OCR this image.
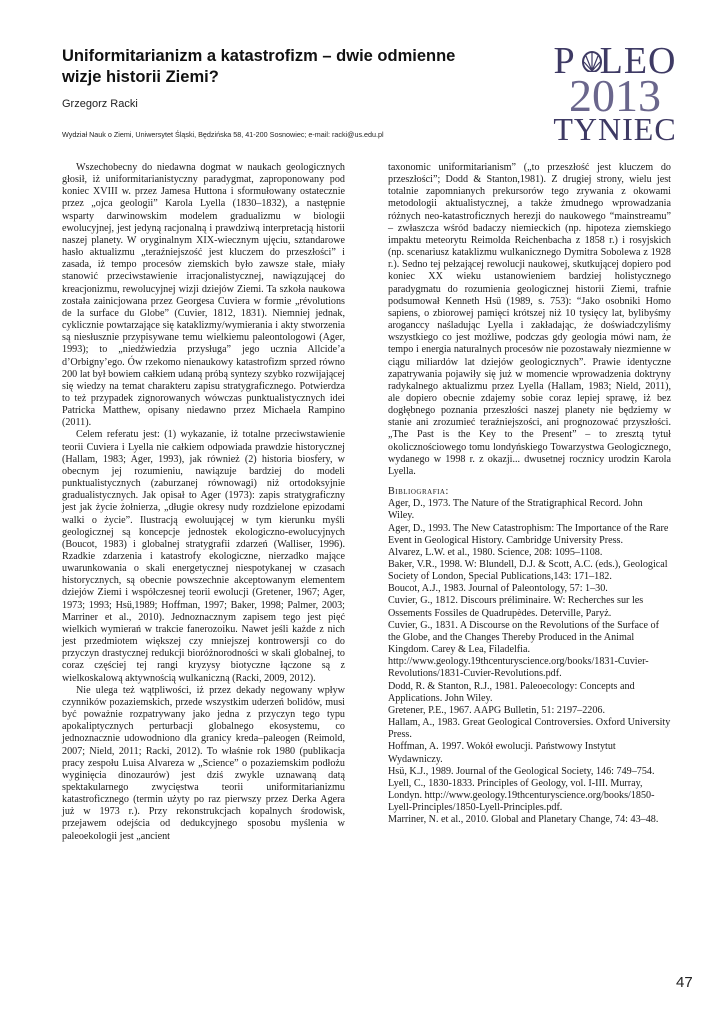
Uniformitarianizm a katastrofizm – dwie odmienne wizje historii Ziemi?
Grzegorz Racki
Wydział Nauk o Ziemi, Uniwersytet Śląski, Będzińska 58, 41-200 Sosnowiec; e-mail: racki@us.edu.pl
P LEO
2013
TYNIEC

Wszechobecny do niedawna dogmat w naukach geologicznych głosił, iż uniformitarianistyczny paradygmat, zaproponowany pod koniec XVIII w. przez Jamesa Huttona i sformułowany ostatecznie przez „ojca geologii” Karola Lyella (1830–1832), a następnie wsparty darwinowskim modelem gradualizmu w biologii ewolucyjnej, jest jedyną racjonalną i prawdziwą interpretacją historii naszej planety. W oryginalnym XIX-wiecznym ujęciu, sztandarowe hasło aktualizmu „teraźniejszość jest kluczem do przeszłości” i zasada, iż tempo procesów ziemskich było zawsze stałe, miały stanowić przeciwstawienie irracjonalistycznej, nawiązującej do kreacjonizmu, rewolucyjnej wizji dziejów Ziemi. Ta szkoła naukowa została zainicjowana przez Georgesa Cuviera w formie „révolutions de la surface du Globe” (Cuvier, 1812, 1831). Niemniej jednak, cyklicznie powtarzające się kataklizmy/wymierania i akty stworzenia są niesłusznie przypisywane temu wielkiemu paleontologowi (Ager, 1993); to „niedźwiedzia przysługa” jego ucznia Allcide’a d’Orbigny’ego. Ów rzekomo nienaukowy katastrofizm sprzed równo 200 lat był bowiem całkiem udaną próbą syntezy szybko rozwijającej się wiedzy na temat charakteru zapisu stratygraficznego. Potwierdza to też przypadek zignorowanych wówczas punktualistycznych idei Patricka Matthew, opisany niedawno przez Michaela Rampino (2011).

Celem referatu jest: (1) wykazanie, iż totalne przeciwstawienie teorii Cuviera i Lyella nie całkiem odpowiada prawdzie historycznej (Hallam, 1983; Ager, 1993), jak również (2) historia biosfery, w obecnym jej rozumieniu, nawiązuje bardziej do modeli punktualistycznych (zaburzanej równowagi) niż ortodoksyjnie gradualistycznych. Jak opisał to Ager (1973): zapis stratygraficzny jest jak życie żołnierza, „długie okresy nudy rozdzielone epizodami walki o życie”. Ilustracją ewoluującej w tym kierunku myśli geologicznej są koncepcje jednostek ekologiczno-ewolucyjnych (Boucot, 1983) i globalnej stratygrafii zdarzeń (Walliser, 1996). Rzadkie zdarzenia i katastrofy ekologiczne, nierzadko mające uwarunkowania o skali energetycznej niespotykanej w czasach historycznych, są obecnie powszechnie akceptowanym elementem dziejów Ziemi i współczesnej teorii ewolucji (Gretener, 1967; Ager, 1973; 1993; Hsü,1989; Hoffman, 1997; Baker, 1998; Palmer, 2003; Marriner et al., 2010). Jednoznacznym zapisem tego jest pięć wielkich wymierań w trakcie fanerozoiku. Nawet jeśli każde z nich jest przedmiotem większej czy mniejszej kontrowersji co do przyczyn drastycznej redukcji bioróżnorodności w skali globalnej, to coraz częściej tej rangi kryzysy biotyczne łączone są z wielkoskalową aktywnością wulkaniczną (Racki, 2009, 2012).

Nie ulega też wątpliwości, iż przez dekady negowany wpływ czynników pozaziemskich, przede wszystkim uderzeń bolidów, musi być poważnie rozpatrywany jako jedna z przyczyn tego typu apokaliptycznych perturbacji globalnego ekosystemu, co jednoznacznie udowodniono dla granicy kreda–paleogen (Reimold, 2007; Nield, 2011; Racki, 2012). To właśnie rok 1980 (publikacja pracy zespołu Luisa Alvareza w „Science” o pozaziemskim podłożu wyginięcia dinozaurów) jest dziś zwykle uznawaną datą spektakularnego zwycięstwa teorii uniformitarianizmu katastroficznego (termin użyty po raz pierwszy przez Derka Agera już w 1973 r.). Przy rekonstrukcjach kopalnych środowisk, przejawem odejścia od dedukcyjnego sposobu myślenia w paleoekologii jest „ancient

taxonomic uniformitarianism” („to przeszłość jest kluczem do przeszłości”; Dodd & Stanton,1981). Z drugiej strony, wielu jest totalnie zapomnianych prekursorów tego zrywania z okowami metodologii aktualistycznej, a także żmudnego wprowadzania różnych neo-katastroficznych herezji do naukowego “mainstreamu” – zwłaszcza wśród badaczy niemieckich (np. hipoteza ziemskiego impaktu meteorytu Reimolda Reichenbacha z 1858 r.) i rosyjskich (np. scenariusz kataklizmu wulkanicznego Dymitra Sobolewa z 1928 r.). Sedno tej pełzającej rewolucji naukowej, skutkującej dopiero pod koniec XX wieku ustanowieniem bardziej holistycznego paradygmatu do rozumienia geologicznej historii Ziemi, trafnie podsumował Kenneth Hsü (1989, s. 753): “Jako osobniki Homo sapiens, o zbiorowej pamięci krótszej niż 10 tysięcy lat, bylibyśmy aroganccy naśladując Lyella i zakładając, że doświadczyliśmy wszystkiego co jest możliwe, podczas gdy geologia mówi nam, że tempo i energia naturalnych procesów nie pozostawały niezmienne w ciągu miliardów lat dziejów geologicznych”. Prawie identyczne zapatrywania pojawiły się już w momencie wprowadzenia doktryny radykalnego aktualizmu przez Lyella (Hallam, 1983; Nield, 2011), ale dopiero obecnie zdajemy sobie coraz lepiej sprawę, iż bez dogłębnego poznania przeszłości naszej planety nie będziemy w stanie ani zrozumieć teraźniejszości, ani prognozować przyszłości. „The Past is the Key to the Present” – to zresztą tytuł okolicznościowego tomu londyńskiego Towarzystwa Geologicznego, wydanego w 1998 r. z okazji... dwusetnej rocznicy urodzin Karola Lyella.

Bibliografia:
Ager, D., 1973. The Nature of the Stratigraphical Record. John Wiley.
Ager, D., 1993. The New Catastrophism: The Importance of the Rare Event in Geological History. Cambridge University Press.
Alvarez, L.W. et al., 1980. Science, 208: 1095–1108.
Baker, V.R., 1998. W: Blundell, D.J. & Scott, A.C. (eds.), Geological Society of London, Special Publications,143: 171–182.
Boucot, A.J., 1983. Journal of Paleontology, 57: 1–30.
Cuvier, G., 1812. Discours préliminaire. W: Recherches sur les Ossements Fossiles de Quadrupèdes. Deterville, Paryż.
Cuvier, G., 1831. A Discourse on the Revolutions of the Surface of the Globe, and the Changes Thereby Produced in the Animal Kingdom. Carey & Lea, Filadelfia. http://www.geology.19thcenturyscience.org/books/1831-Cuvier-Revolutions/1831-Cuvier-Revolutions.pdf.
Dodd, R. & Stanton, R.J., 1981. Paleoecology: Concepts and Applications. John Wiley.
Gretener, P.E., 1967. AAPG Bulletin, 51: 2197–2206.
Hallam, A., 1983. Great Geological Controversies. Oxford University Press.
Hoffman, A. 1997. Wokół ewolucji. Państwowy Instytut Wydawniczy.
Hsü, K.J., 1989. Journal of the Geological Society, 146: 749–754.
Lyell, C., 1830-1833. Principles of Geology, vol. I-III. Murray, Londyn. http://www.geology.19thcenturyscience.org/books/1850-Lyell-Principles/1850-Lyell-Principles.pdf.
Marriner, N. et al., 2010. Global and Planetary Change, 74: 43–48.
47
